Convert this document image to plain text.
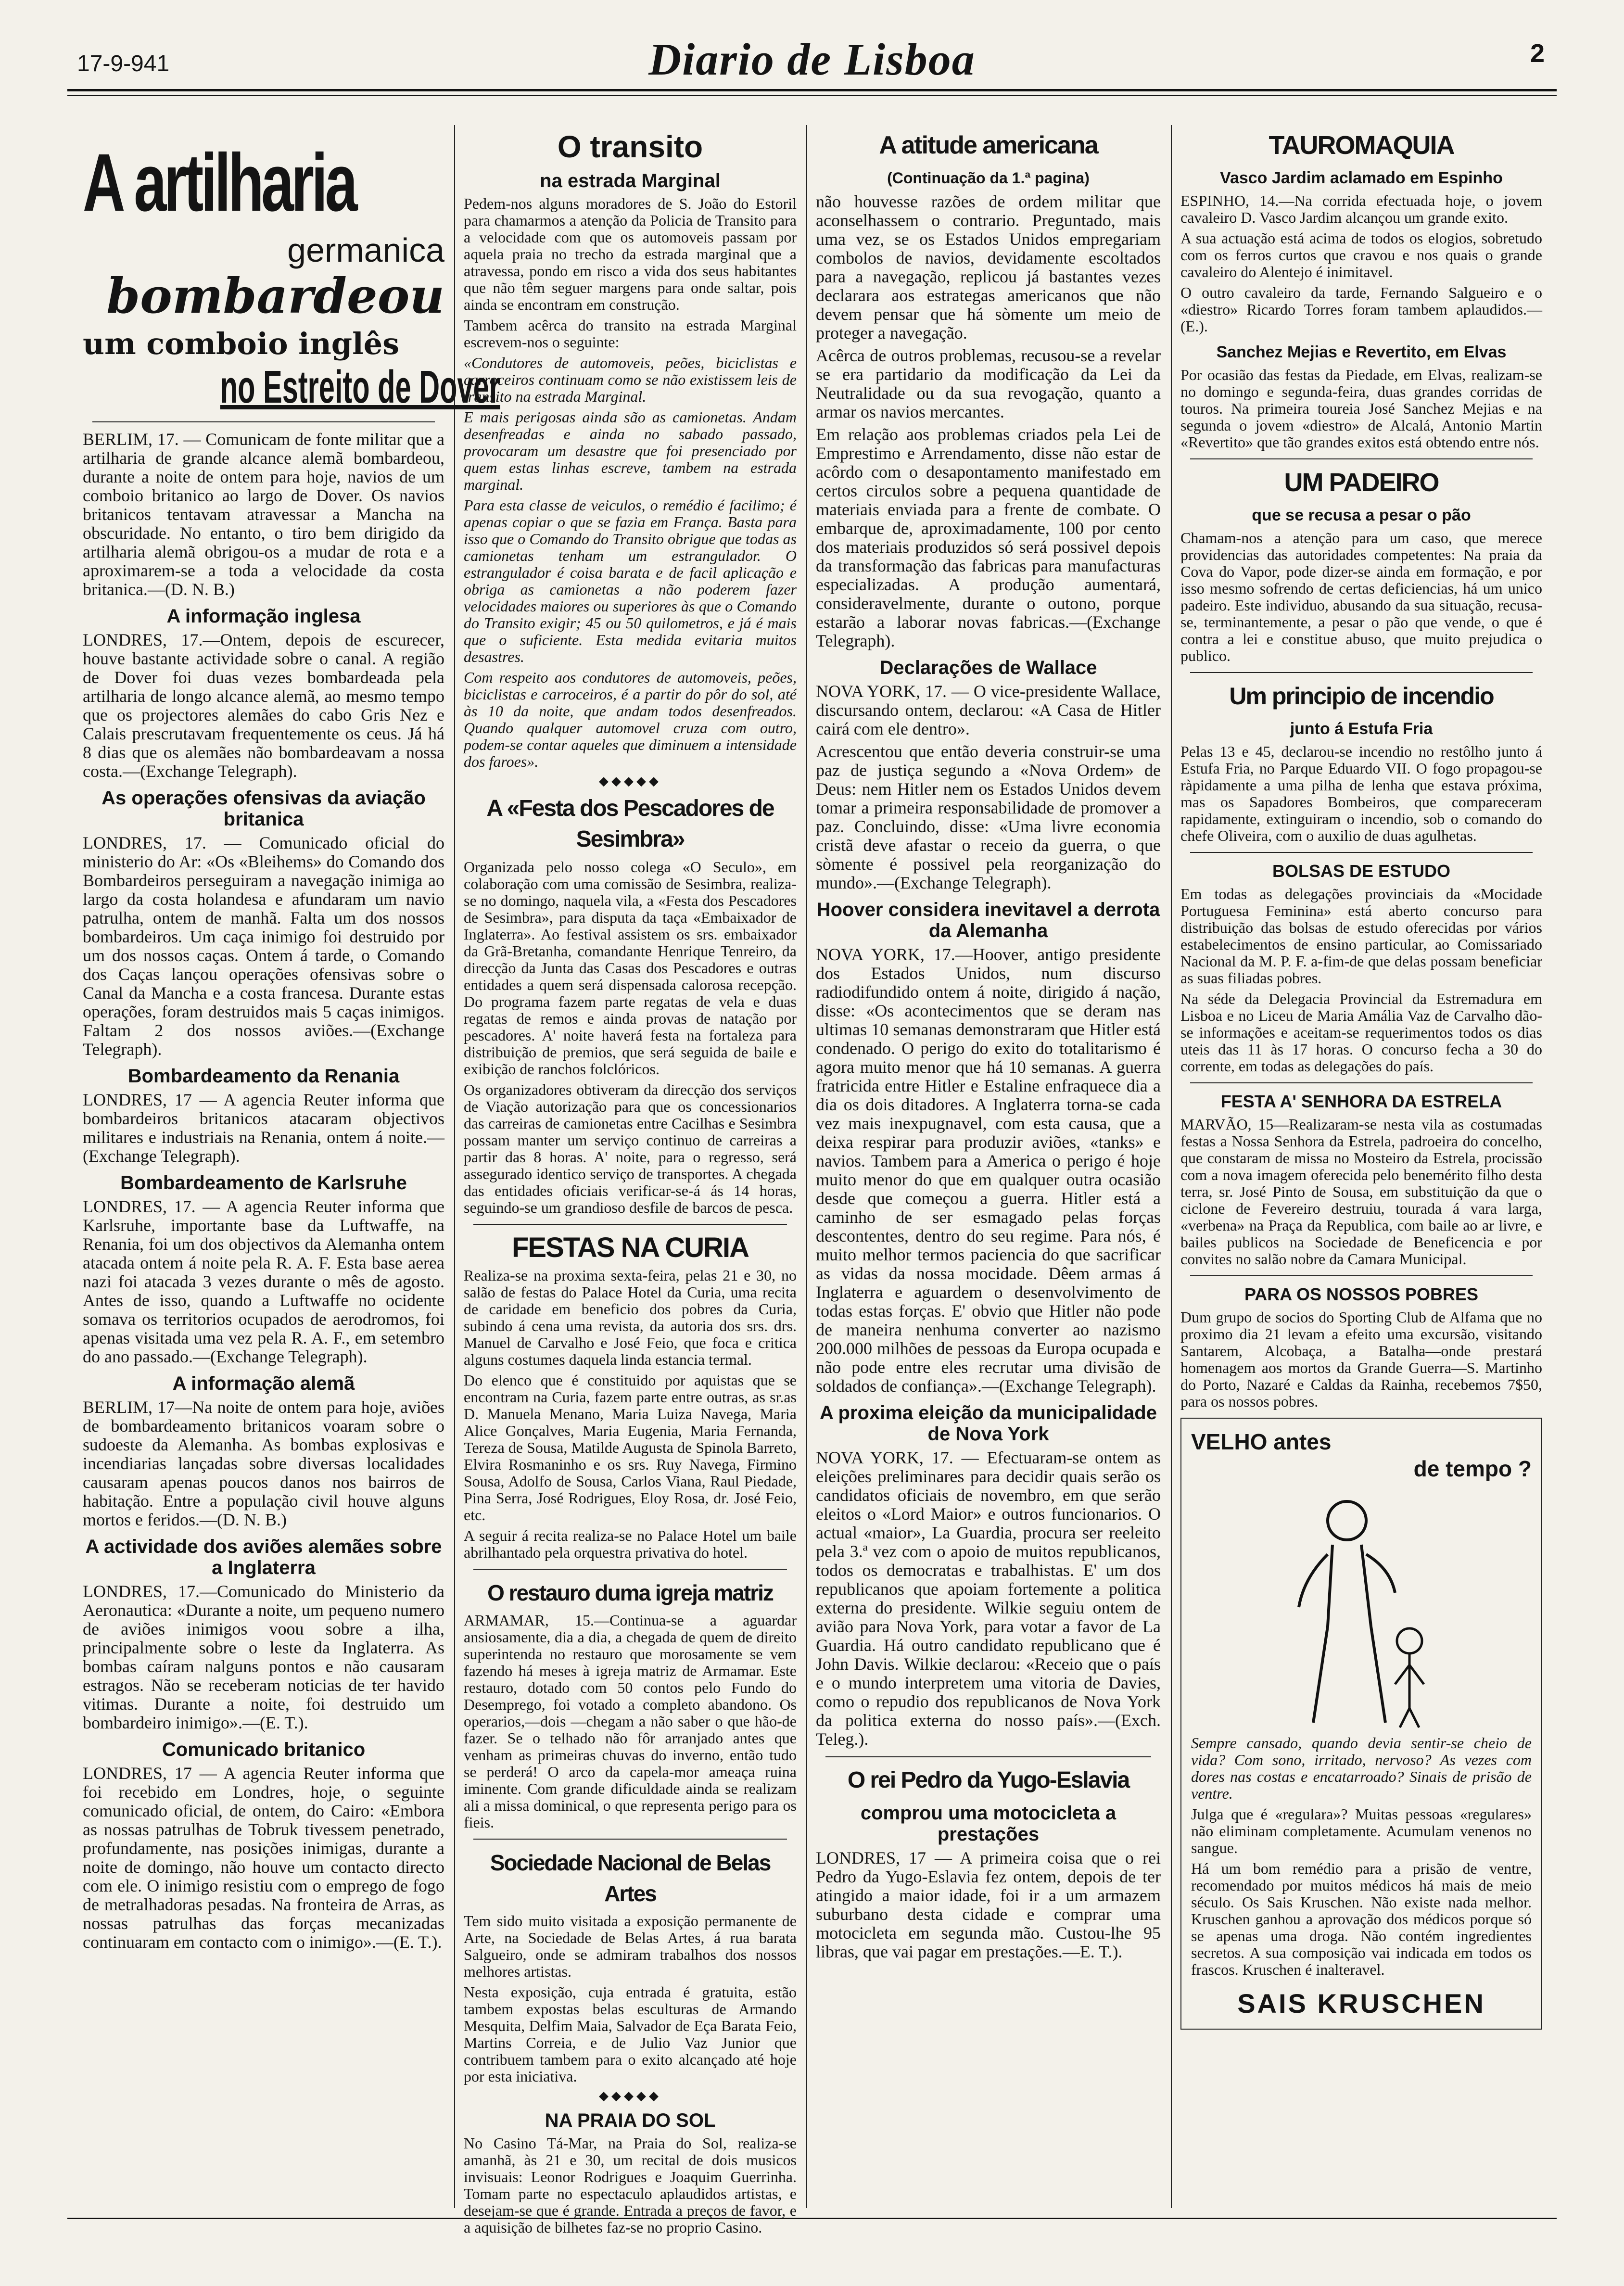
17-9-941	Diario de Lisboa	2
A artilharia
germanica
bombardeou
um comboio inglês
no Estreito de Dover

BERLIM, 17. — Comunicam de fonte militar que a artilharia de grande alcance alemã bombardeou, durante a noite de ontem para hoje, navios de um comboio britanico ao largo de Dover. Os navios britanicos tentavam atravessar a Mancha na obscuridade. No entanto, o tiro bem dirigido da artilharia alemã obrigou-os a mudar de rota e a aproximarem-se a toda a velocidade da costa britanica.—(D. N. B.)

A informação inglesa

LONDRES, 17.—Ontem, depois de escurecer, houve bastante actividade sobre o canal. A região de Dover foi duas vezes bombardeada pela artilharia de longo alcance alemã, ao mesmo tempo que os projectores alemães do cabo Gris Nez e Calais prescrutavam frequentemente os ceus. Já há 8 dias que os alemães não bombardeavam a nossa costa.—(Exchange Telegraph).

As operações ofensivas da aviação britanica

LONDRES, 17. — Comunicado oficial do ministerio do Ar: «Os «Bleihems» do Comando dos Bombardeiros perseguiram a navegação inimiga ao largo da costa holandesa e afundaram um navio patrulha, ontem de manhã. Falta um dos nossos bombardeiros. Um caça inimigo foi destruido por um dos nossos caças. Ontem á tarde, o Comando dos Caças lançou operações ofensivas sobre o Canal da Mancha e a costa francesa. Durante estas operações, foram destruidos mais 5 caças inimigos. Faltam 2 dos nossos aviões.—(Exchange Telegraph).

Bombardeamento da Renania

LONDRES, 17 — A agencia Reuter informa que bombardeiros britanicos atacaram objectivos militares e industriais na Renania, ontem á noite.—(Exchange Telegraph).

Bombardeamento de Karlsruhe

LONDRES, 17. — A agencia Reuter informa que Karlsruhe, importante base da Luftwaffe, na Renania, foi um dos objectivos da Alemanha ontem atacada ontem á noite pela R. A. F. Esta base aerea nazi foi atacada 3 vezes durante o mês de agosto. Antes de isso, quando a Luftwaffe no ocidente somava os territorios ocupados de aerodromos, foi apenas visitada uma vez pela R. A. F., em setembro do ano passado.—(Exchange Telegraph).

A informação alemã

BERLIM, 17—Na noite de ontem para hoje, aviões de bombardeamento britanicos voaram sobre o sudoeste da Alemanha. As bombas explosivas e incendiarias lançadas sobre diversas localidades causaram apenas poucos danos nos bairros de habitação. Entre a população civil houve alguns mortos e feridos.—(D. N. B.)

A actividade dos aviões alemães sobre a Inglaterra

LONDRES, 17.—Comunicado do Ministerio da Aeronautica: «Durante a noite, um pequeno numero de aviões inimigos voou sobre a ilha, principalmente sobre o leste da Inglaterra. As bombas caíram nalguns pontos e não causaram estragos. Não se receberam noticias de ter havido vitimas. Durante a noite, foi destruido um bombardeiro inimigo».—(E. T.).

Comunicado britanico

LONDRES, 17 — A agencia Reuter informa que foi recebido em Londres, hoje, o seguinte comunicado oficial, de ontem, do Cairo: «Embora as nossas patrulhas de Tobruk tivessem penetrado, profundamente, nas posições inimigas, durante a noite de domingo, não houve um contacto directo com ele. O inimigo resistiu com o emprego de fogo de metralhadoras pesadas. Na fronteira de Arras, as nossas patrulhas das forças mecanizadas continuaram em contacto com o inimigo».—(E. T.).

O transito
na estrada Marginal

Pedem-nos alguns moradores de S. João do Estoril para chamarmos a atenção da Policia de Transito para a velocidade com que os automoveis passam por aquela praia no trecho da estrada marginal que a atravessa, pondo em risco a vida dos seus habitantes que não têm seguer margens para onde saltar, pois ainda se encontram em construção.

Tambem acêrca do transito na estrada Marginal escrevem-nos o seguinte:

«Condutores de automoveis, peões, biciclistas e carroceiros continuam como se não existissem leis de transito na estrada Marginal.

E mais perigosas ainda são as camionetas. Andam desenfreadas e ainda no sabado passado, provocaram um desastre que foi presenciado por quem estas linhas escreve, tambem na estrada marginal.

Para esta classe de veiculos, o remédio é facilimo; é apenas copiar o que se fazia em França. Basta para isso que o Comando do Transito obrigue que todas as camionetas tenham um estrangulador. O estrangulador é coisa barata e de facil aplicação e obriga as camionetas a não poderem fazer velocidades maiores ou superiores às que o Comando do Transito exigir; 45 ou 50 quilometros, e já é mais que o suficiente. Esta medida evitaria muitos desastres.

Com respeito aos condutores de automoveis, peões, biciclistas e carroceiros, é a partir do pôr do sol, até às 10 da noite, que andam todos desenfreados. Quando qualquer automovel cruza com outro, podem-se contar aqueles que diminuem a intensidade dos faroes».

◆◆◆◆◆
A «Festa dos Pescadores de Sesimbra»

Organizada pelo nosso colega «O Seculo», em colaboração com uma comissão de Sesimbra, realiza-se no domingo, naquela vila, a «Festa dos Pescadores de Sesimbra», para disputa da taça «Embaixador de Inglaterra». Ao festival assistem os srs. embaixador da Grã-Bretanha, comandante Henrique Tenreiro, da direcção da Junta das Casas dos Pescadores e outras entidades a quem será dispensada calorosa recepção. Do programa fazem parte regatas de vela e duas regatas de remos e ainda provas de natação por pescadores. A' noite haverá festa na fortaleza para distribuição de premios, que será seguida de baile e exibição de ranchos folclóricos.

Os organizadores obtiveram da direcção dos serviços de Viação autorização para que os concessionarios das carreiras de camionetas entre Cacilhas e Sesimbra possam manter um serviço continuo de carreiras a partir das 8 horas. A' noite, para o regresso, será assegurado identico serviço de transportes. A chegada das entidades oficiais verificar-se-á ás 14 horas, seguindo-se um grandioso desfile de barcos de pesca.

FESTAS NA CURIA

Realiza-se na proxima sexta-feira, pelas 21 e 30, no salão de festas do Palace Hotel da Curia, uma recita de caridade em beneficio dos pobres da Curia, subindo á cena uma revista, da autoria dos srs. drs. Manuel de Carvalho e José Feio, que foca e critica alguns costumes daquela linda estancia termal.

Do elenco que é constituido por aquistas que se encontram na Curia, fazem parte entre outras, as sr.as D. Manuela Menano, Maria Luiza Navega, Maria Alice Gonçalves, Maria Eugenia, Maria Fernanda, Tereza de Sousa, Matilde Augusta de Spinola Barreto, Elvira Rosmaninho e os srs. Ruy Navega, Firmino Sousa, Adolfo de Sousa, Carlos Viana, Raul Piedade, Pina Serra, José Rodrigues, Eloy Rosa, dr. José Feio, etc.

A seguir á recita realiza-se no Palace Hotel um baile abrilhantado pela orquestra privativa do hotel.

O restauro duma igreja matriz

ARMAMAR, 15.—Continua-se a aguardar ansiosamente, dia a dia, a chegada de quem de direito superintenda no restauro que morosamente se vem fazendo há meses à igreja matriz de Armamar. Este restauro, dotado com 50 contos pelo Fundo do Desemprego, foi votado a completo abandono. Os operarios,—dois —chegam a não saber o que hão-de fazer. Se o telhado não fôr arranjado antes que venham as primeiras chuvas do inverno, então tudo se perderá! O arco da capela-mor ameaça ruina iminente. Com grande dificuldade ainda se realizam ali a missa dominical, o que representa perigo para os fieis.

Sociedade Nacional de Belas Artes

Tem sido muito visitada a exposição permanente de Arte, na Sociedade de Belas Artes, á rua barata Salgueiro, onde se admiram trabalhos dos nossos melhores artistas.

Nesta exposição, cuja entrada é gratuita, estão tambem expostas belas esculturas de Armando Mesquita, Delfim Maia, Salvador de Eça Barata Feio, Martins Correia, e de Julio Vaz Junior que contribuem tambem para o exito alcançado até hoje por esta iniciativa.

◆◆◆◆◆
NA PRAIA DO SOL

No Casino Tá-Mar, na Praia do Sol, realiza-se amanhã, às 21 e 30, um recital de dois musicos invisuais: Leonor Rodrigues e Joaquim Guerrinha. Tomam parte no espectaculo aplaudidos artistas, e desejam-se que é grande. Entrada a preços de favor, e a aquisição de bilhetes faz-se no proprio Casino.

A atitude americana
(Continuação da 1.ª pagina)

não houvesse razões de ordem militar que aconselhassem o contrario. Preguntado, mais uma vez, se os Estados Unidos empregariam combolos de navios, devidamente escoltados para a navegação, replicou já bastantes vezes declarara aos estrategas americanos que não devem pensar que há sòmente um meio de proteger a navegação.

Acêrca de outros problemas, recusou-se a revelar se era partidario da modificação da Lei da Neutralidade ou da sua revogação, quanto a armar os navios mercantes.

Em relação aos problemas criados pela Lei de Emprestimo e Arrendamento, disse não estar de acôrdo com o desapontamento manifestado em certos circulos sobre a pequena quantidade de materiais enviada para a frente de combate. O embarque de, aproximadamente, 100 por cento dos materiais produzidos só será possivel depois da transformação das fabricas para manufacturas especializadas. A produção aumentará, consideravelmente, durante o outono, porque estarão a laborar novas fabricas.—(Exchange Telegraph).

Declarações de Wallace

NOVA YORK, 17. — O vice-presidente Wallace, discursando ontem, declarou: «A Casa de Hitler cairá com ele dentro».

Acrescentou que então deveria construir-se uma paz de justiça segundo a «Nova Ordem» de Deus: nem Hitler nem os Estados Unidos devem tomar a primeira responsabilidade de promover a paz. Concluindo, disse: «Uma livre economia cristã deve afastar o receio da guerra, o que sòmente é possivel pela reorganização do mundo».—(Exchange Telegraph).

Hoover considera inevitavel a derrota da Alemanha

NOVA YORK, 17.—Hoover, antigo presidente dos Estados Unidos, num discurso radiodifundido ontem á noite, dirigido á nação, disse: «Os acontecimentos que se deram nas ultimas 10 semanas demonstraram que Hitler está condenado. O perigo do exito do totalitarismo é agora muito menor que há 10 semanas. A guerra fratricida entre Hitler e Estaline enfraquece dia a dia os dois ditadores. A Inglaterra torna-se cada vez mais inexpugnavel, com esta causa, que a deixa respirar para produzir aviões, «tanks» e navios. Tambem para a America o perigo é hoje muito menor do que em qualquer outra ocasião desde que começou a guerra. Hitler está a caminho de ser esmagado pelas forças descontentes, dentro do seu regime. Para nós, é muito melhor termos paciencia do que sacrificar as vidas da nossa mocidade. Dêem armas á Inglaterra e aguardem o desenvolvimento de todas estas forças. E' obvio que Hitler não pode de maneira nenhuma converter ao nazismo 200.000 milhões de pessoas da Europa ocupada e não pode entre eles recrutar uma divisão de soldados de confiança».—(Exchange Telegraph).

A proxima eleição da municipalidade de Nova York

NOVA YORK, 17. — Efectuaram-se ontem as eleições preliminares para decidir quais serão os candidatos oficiais de novembro, em que serão eleitos o «Lord Maior» e outros funcionarios. O actual «maior», La Guardia, procura ser reeleito pela 3.ª vez com o apoio de muitos republicanos, todos os democratas e trabalhistas. E' um dos republicanos que apoiam fortemente a politica externa do presidente. Wilkie seguiu ontem de avião para Nova York, para votar a favor de La Guardia. Há outro candidato republicano que é John Davis. Wilkie declarou: «Receio que o país e o mundo interpretem uma vitoria de Davies, como o repudio dos republicanos de Nova York da politica externa do nosso país».—(Exch. Teleg.).

O rei Pedro da Yugo-Eslavia
comprou uma motocicleta a prestações

LONDRES, 17 — A primeira coisa que o rei Pedro da Yugo-Eslavia fez ontem, depois de ter atingido a maior idade, foi ir a um armazem suburbano desta cidade e comprar uma motocicleta em segunda mão. Custou-lhe 95 libras, que vai pagar em prestações.—E. T.).

TAUROMAQUIA
Vasco Jardim aclamado em Espinho

ESPINHO, 14.—Na corrida efectuada hoje, o jovem cavaleiro D. Vasco Jardim alcançou um grande exito.

A sua actuação está acima de todos os elogios, sobretudo com os ferros curtos que cravou e nos quais o grande cavaleiro do Alentejo é inimitavel.

O outro cavaleiro da tarde, Fernando Salgueiro e o «diestro» Ricardo Torres foram tambem aplaudidos.—(E.).

Sanchez Mejias e Revertito, em Elvas

Por ocasião das festas da Piedade, em Elvas, realizam-se no domingo e segunda-feira, duas grandes corridas de touros. Na primeira toureia José Sanchez Mejias e na segunda o jovem «diestro» de Alcalá, Antonio Martin «Revertito» que tão grandes exitos está obtendo entre nós.

UM PADEIRO
que se recusa a pesar o pão

Chamam-nos a atenção para um caso, que merece providencias das autoridades competentes: Na praia da Cova do Vapor, pode dizer-se ainda em formação, e por isso mesmo sofrendo de certas deficiencias, há um unico padeiro. Este individuo, abusando da sua situação, recusa-se, terminantemente, a pesar o pão que vende, o que é contra a lei e constitue abuso, que muito prejudica o publico.

Um principio de incendio
junto á Estufa Fria

Pelas 13 e 45, declarou-se incendio no restôlho junto á Estufa Fria, no Parque Eduardo VII. O fogo propagou-se ràpidamente a uma pilha de lenha que estava próxima, mas os Sapadores Bombeiros, que compareceram rapidamente, extinguiram o incendio, sob o comando do chefe Oliveira, com o auxilio de duas agulhetas.

BOLSAS DE ESTUDO

Em todas as delegações provinciais da «Mocidade Portuguesa Feminina» está aberto concurso para distribuição das bolsas de estudo oferecidas por vários estabelecimentos de ensino particular, ao Comissariado Nacional da M. P. F. a-fim-de que delas possam beneficiar as suas filiadas pobres.

Na séde da Delegacia Provincial da Estremadura em Lisboa e no Liceu de Maria Amália Vaz de Carvalho dão-se informações e aceitam-se requerimentos todos os dias uteis das 11 às 17 horas. O concurso fecha a 30 do corrente, em todas as delegações do país.

FESTA A' SENHORA DA ESTRELA

MARVÃO, 15—Realizaram-se nesta vila as costumadas festas a Nossa Senhora da Estrela, padroeira do concelho, que constaram de missa no Mosteiro da Estrela, procissão com a nova imagem oferecida pelo benemérito filho desta terra, sr. José Pinto de Sousa, em substituição da que o ciclone de Fevereiro destruiu, tourada á vara larga, «verbena» na Praça da Republica, com baile ao ar livre, e bailes publicos na Sociedade de Beneficencia e por convites no salão nobre da Camara Municipal.

PARA OS NOSSOS POBRES

Dum grupo de socios do Sporting Club de Alfama que no proximo dia 21 levam a efeito uma excursão, visitando Santarem, Alcobaça, a Batalha—onde prestará homenagem aos mortos da Grande Guerra—S. Martinho do Porto, Nazaré e Caldas da Rainha, recebemos 7$50, para os nossos pobres.

VELHO antes
de tempo ?

Sempre cansado, quando devia sentir-se cheio de vida? Com sono, irritado, nervoso? As vezes com dores nas costas e encatarroado? Sinais de prisão de ventre.

Julga que é «regulara»? Muitas pessoas «regulares» não eliminam completamente. Acumulam venenos no sangue.

Há um bom remédio para a prisão de ventre, recomendado por muitos médicos há mais de meio século. Os Sais Kruschen. Não existe nada melhor. Kruschen ganhou a aprovação dos médicos porque só se apenas uma droga. Não contém ingredientes secretos. A sua composição vai indicada em todos os frascos. Kruschen é inalteravel.

SAIS KRUSCHEN
